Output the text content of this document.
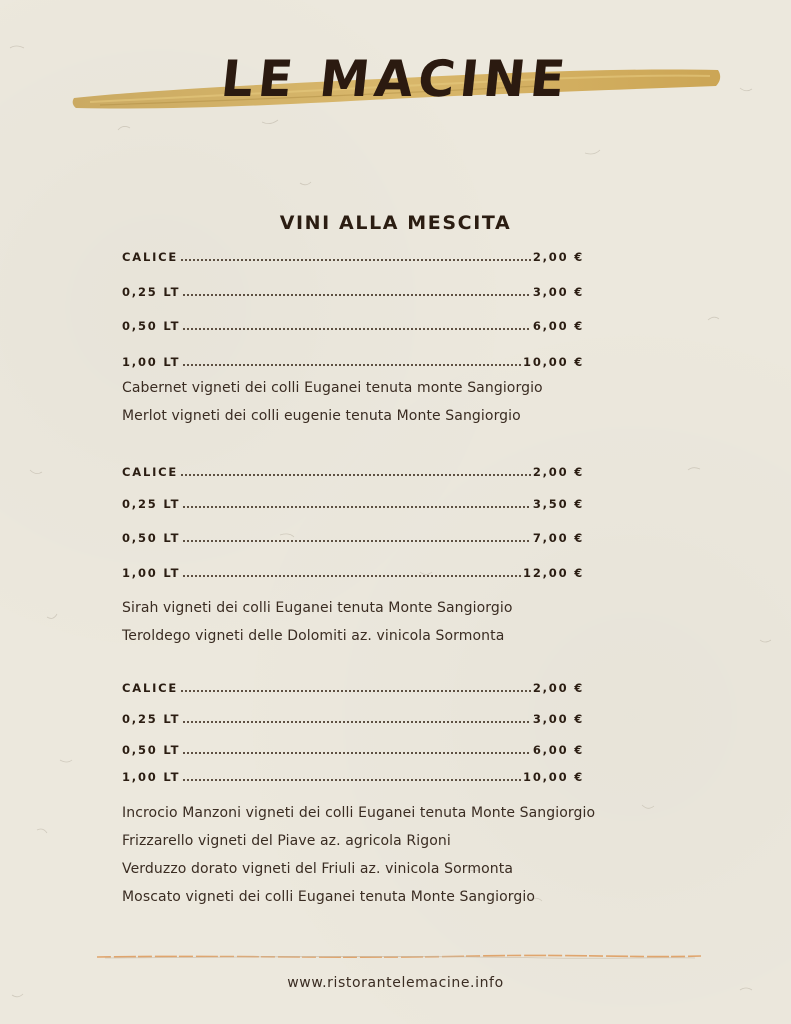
LE MACINE
VINI ALLA MESCITA
CALICE	2,00 €
0,25 LT	3,00 €
0,50 LT	6,00 €
1,00 LT	10,00 €
Cabernet vigneti dei colli Euganei tenuta monte Sangiorgio
Merlot vigneti dei colli eugenie tenuta Monte Sangiorgio
CALICE	2,00 €
0,25 LT	3,50 €
0,50 LT	7,00 €
1,00 LT	12,00 €
Sirah vigneti dei colli Euganei tenuta Monte Sangiorgio
Teroldego vigneti delle Dolomiti az. vinicola Sormonta
CALICE	2,00 €
0,25 LT	3,00 €
0,50 LT	6,00 €
1,00 LT	10,00 €
Incrocio Manzoni vigneti dei colli Euganei tenuta Monte Sangiorgio
Frizzarello vigneti del Piave az. agricola Rigoni
Verduzzo dorato vigneti del Friuli az. vinicola Sormonta
Moscato vigneti dei colli Euganei tenuta Monte Sangiorgio
www.ristorantelemacine.info
